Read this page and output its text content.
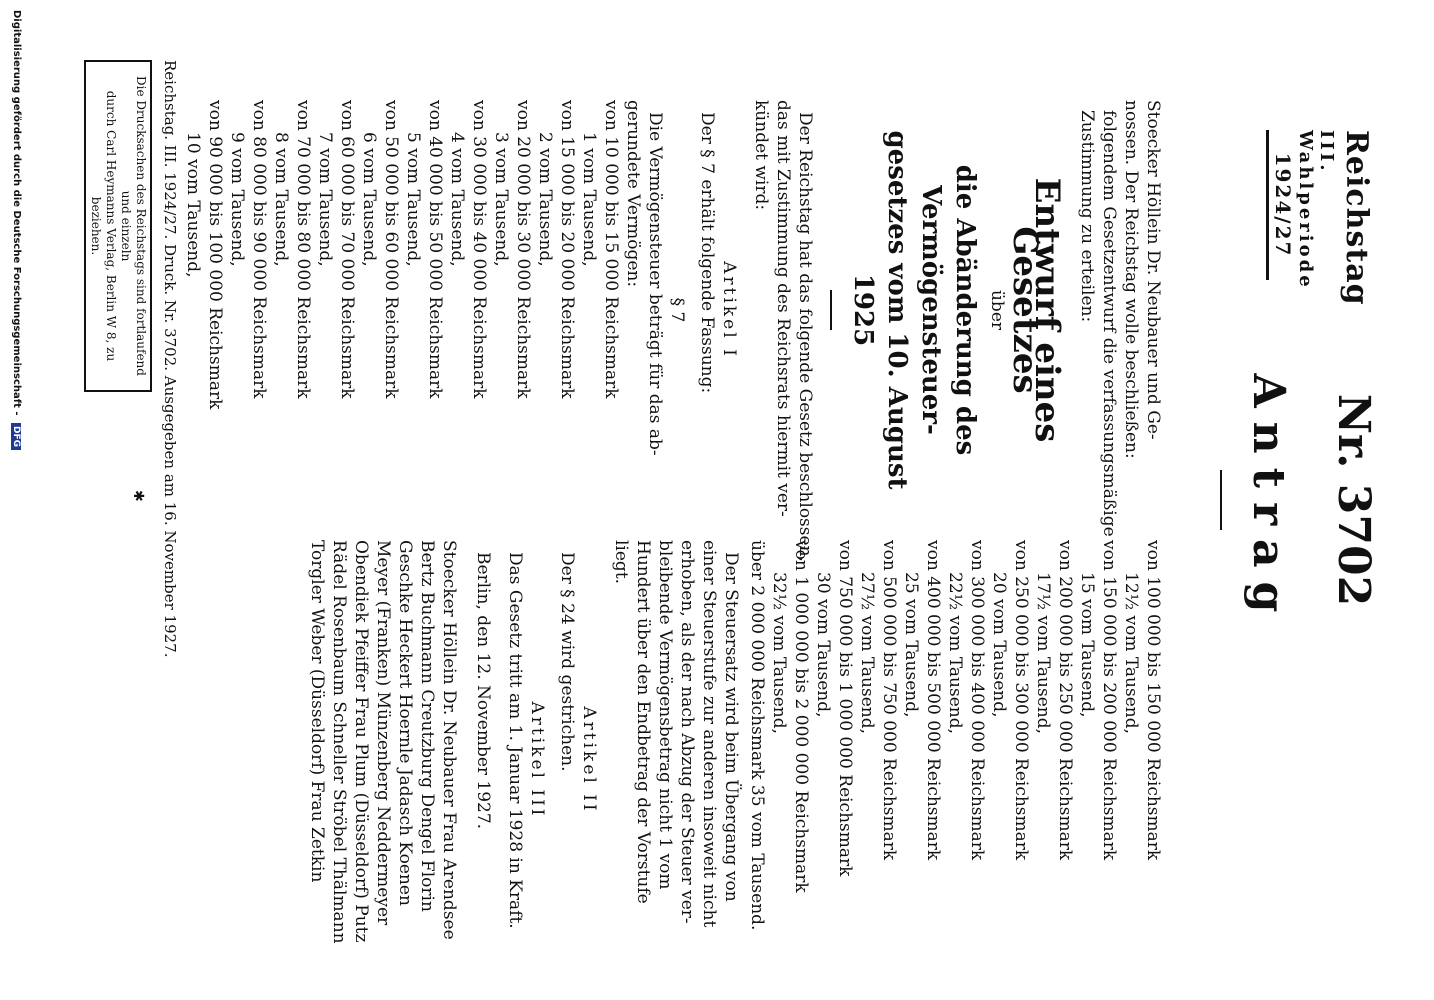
Reichstag
III. Wahlperiode
1924/27
Nr. 3702
Antrag
Stoecker Höllein Dr. Neubauer und Ge-
nossen. Der Reichstag wolle beschließen:
folgendem Gesetzentwurf die verfassungsmäßige
Zustimmung zu erteilen:
Entwurf eines Gesetzes
über
die Abänderung des Vermögensteuer-
gesetzes vom 10. August 1925
Der Reichstag hat das folgende Gesetz beschlossen,
das mit Zustimmung des Reichsrats hiermit ver-
kündet wird:
Artikel I
Der § 7 erhält folgende Fassung:
§ 7
Die Vermögensteuer beträgt für das ab-
gerundete Vermögen:
von 10 000 bis 15 000 Reichsmark
1 vom Tausend,
von 15 000 bis 20 000 Reichsmark
2 vom Tausend,
von 20 000 bis 30 000 Reichsmark
3 vom Tausend,
von 30 000 bis 40 000 Reichsmark
4 vom Tausend,
von 40 000 bis 50 000 Reichsmark
5 vom Tausend,
von 50 000 bis 60 000 Reichsmark
6 vom Tausend,
von 60 000 bis 70 000 Reichsmark
7 vom Tausend,
von 70 000 bis 80 000 Reichsmark
8 vom Tausend,
von 80 000 bis 90 000 Reichsmark
9 vom Tausend,
von 90 000 bis 100 000 Reichsmark
10 vom Tausend,
von 100 000 bis 150 000 Reichsmark
12½ vom Tausend,
von 150 000 bis 200 000 Reichsmark
15 vom Tausend,
von 200 000 bis 250 000 Reichsmark
17½ vom Tausend,
von 250 000 bis 300 000 Reichsmark
20 vom Tausend,
von 300 000 bis 400 000 Reichsmark
22½ vom Tausend,
von 400 000 bis 500 000 Reichsmark
25 vom Tausend,
von 500 000 bis 750 000 Reichsmark
27½ vom Tausend,
von 750 000 bis 1 000 000 Reichsmark
30 vom Tausend,
von 1 000 000 bis 2 000 000 Reichsmark
32½ vom Tausend,
über 2 000 000 Reichsmark 35 vom Tausend.
Der Steuersatz wird beim Übergang von
einer Steuerstufe zur anderen insoweit nicht
erhoben, als der nach Abzug der Steuer ver-
bleibende Vermögensbetrag nicht 1 vom
Hundert über den Endbetrag der Vorstufe
liegt.
Artikel II
Der § 24 wird gestrichen.
Artikel III
Das Gesetz tritt am 1. Januar 1928 in Kraft.
Berlin, den 12. November 1927.
Stoecker Höllein Dr. Neubauer Frau Arendsee
Bertz Buchmann Creutzburg Dengel Florin
Geschke Heckert Hoernle Jadasch Koenen
Meyer (Franken) Münzenberg Neddermeyer
Obendiek Pfeiffer Frau Plum (Düsseldorf) Putz
Rädel Rosenbaum Schneller Ströbel Thälmann
Torgler Weber (Düsseldorf) Frau Zetkin
Reichstag. III. 1924/27. Druck. Nr. 3702. Ausgegeben am 16. November 1927.
Die Drucksachen des Reichstags sind fortlaufend und einzeln
durch Carl Heymanns Verlag, Berlin W 8, zu beziehen.
✱
Digitalisierung gefördert durch die Deutsche Forschungsgemeinschaft - DFG
